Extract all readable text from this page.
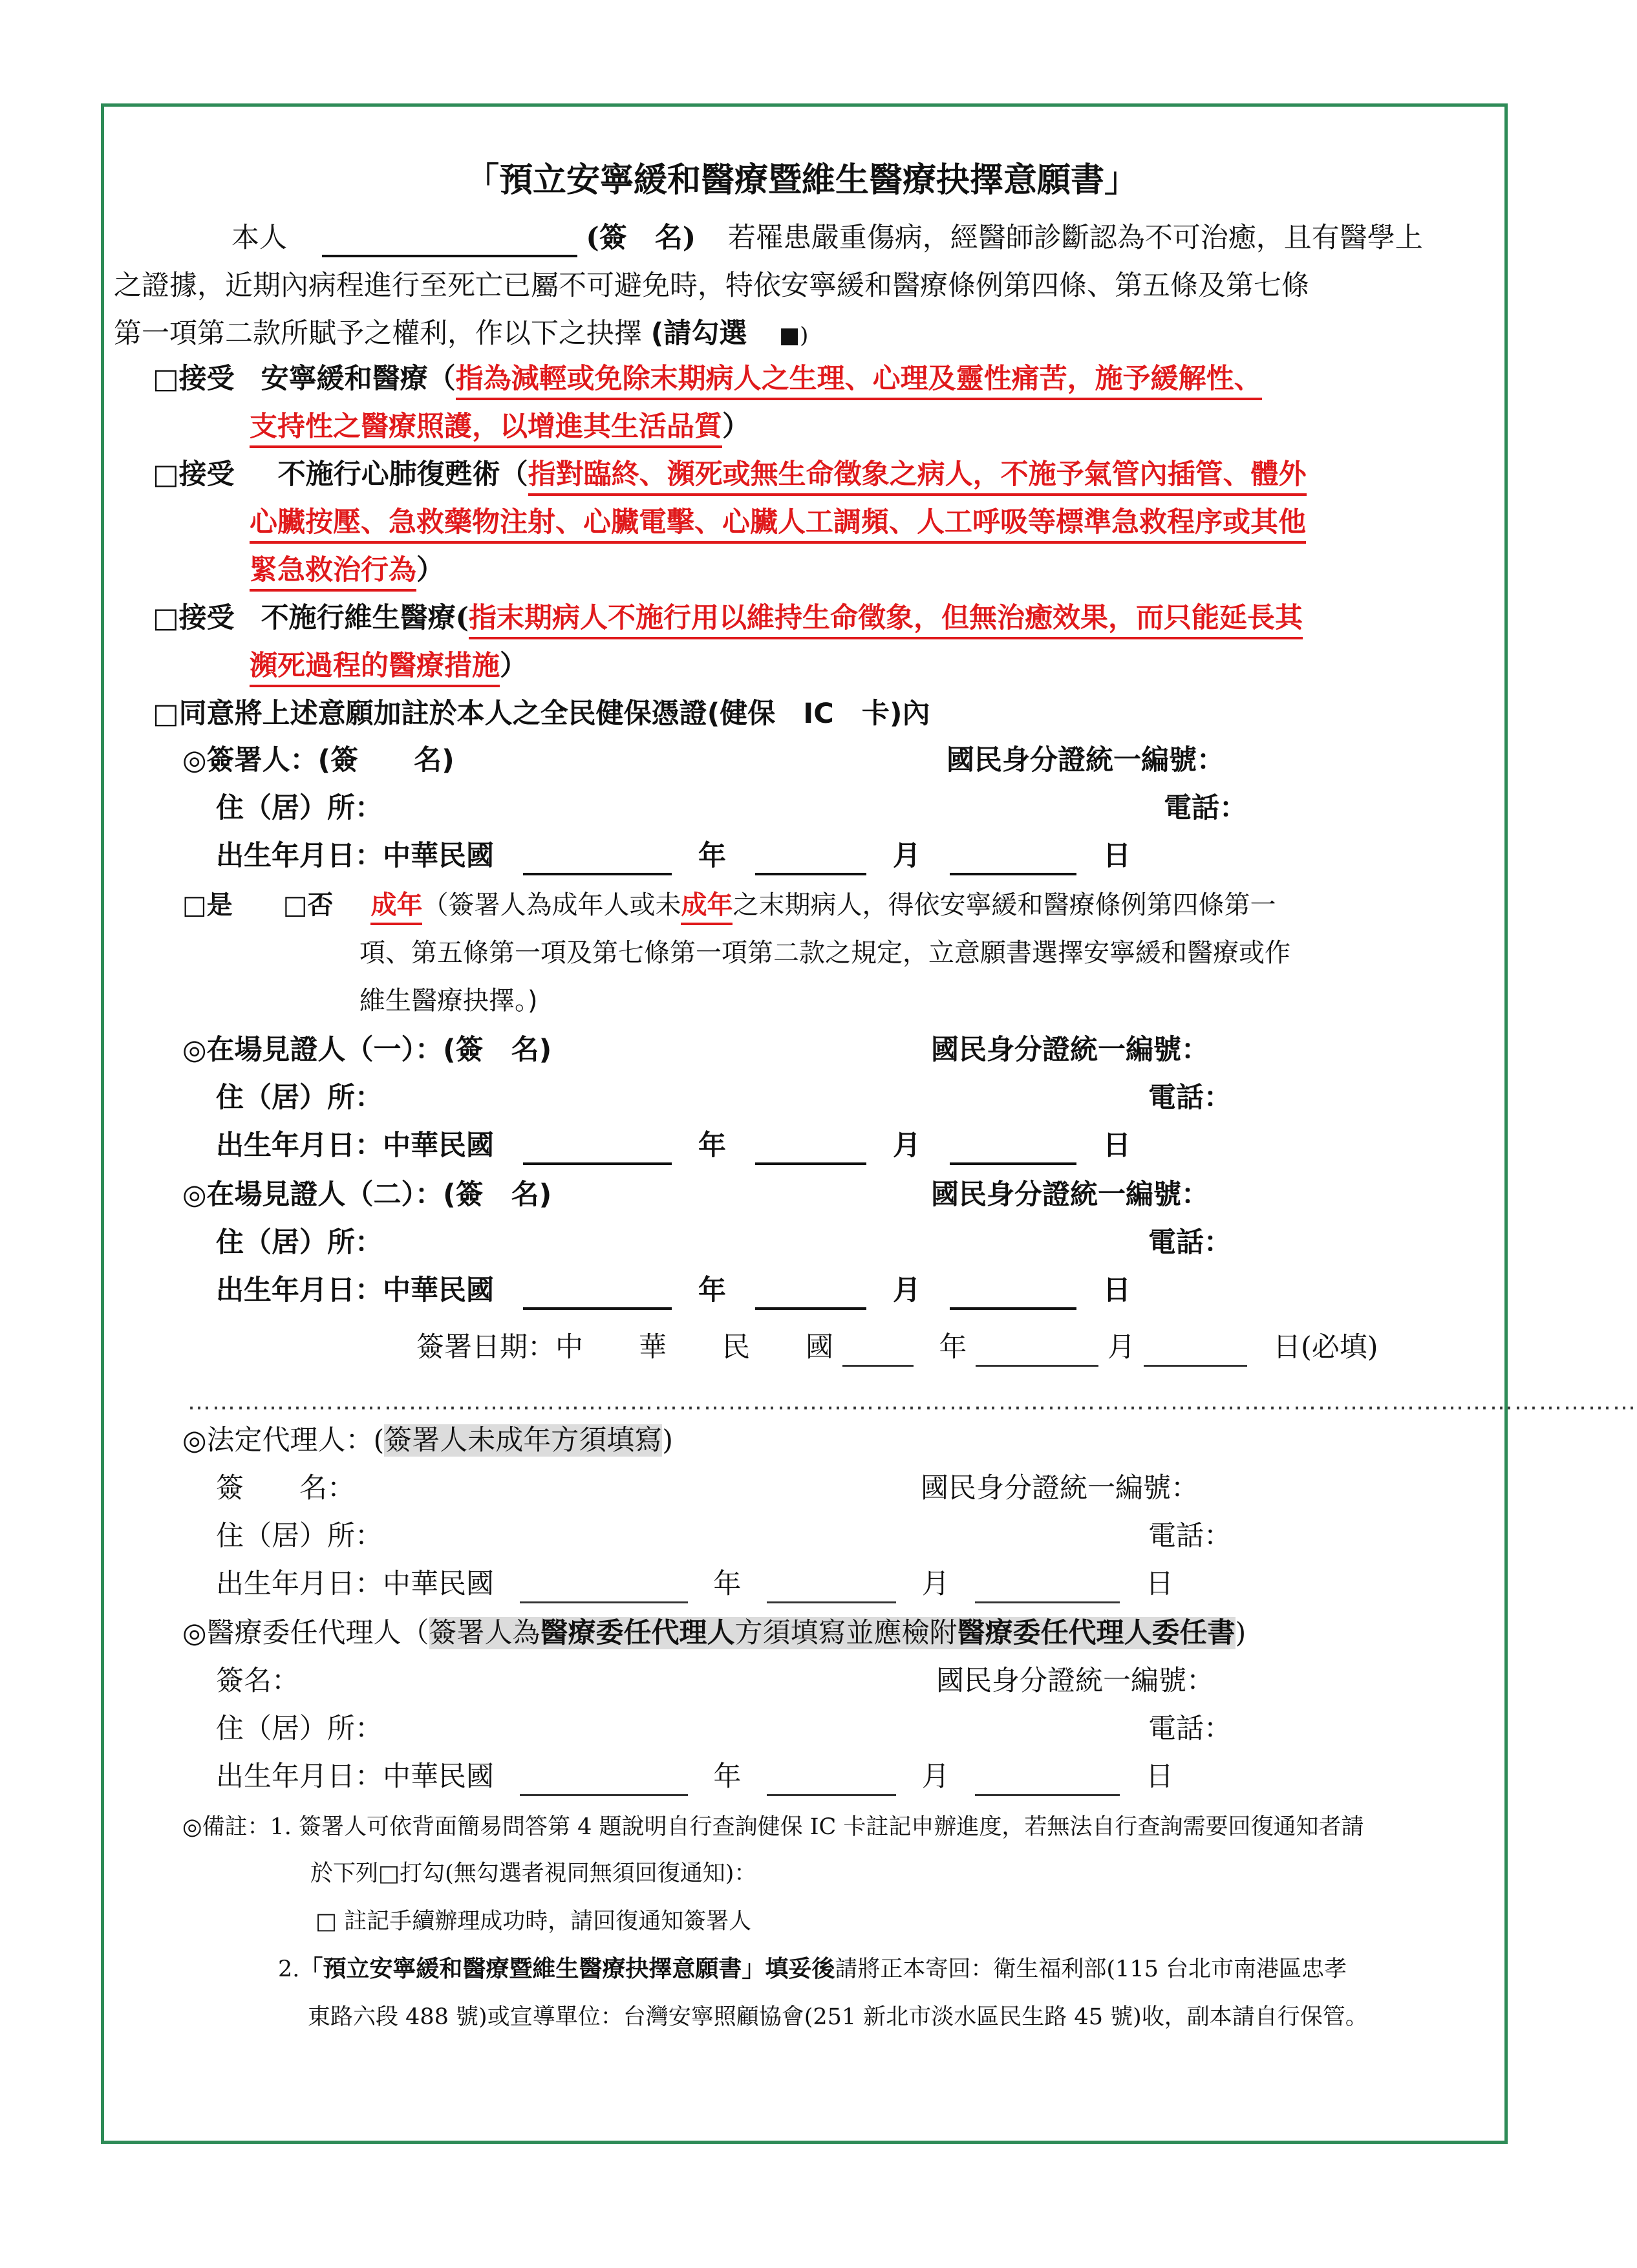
「預立安寧緩和醫療暨維生醫療抉擇意願書」
本人	(簽　名) 若罹患嚴重傷病，經醫師診斷認為不可治癒，且有醫學上
之證據，近期內病程進行至死亡已屬不可避免時，特依安寧緩和醫療條例第四條、第五條及第七條
第一項第二款所賦予之權利，作以下之抉擇 (請勾選 ■)
□接受 安寧緩和醫療（指為減輕或免除末期病人之生理、心理及靈性痛苦，施予緩解性、
支持性之醫療照護，以增進其生活品質）
□接受 不施行心肺復甦術（指對臨終、瀕死或無生命徵象之病人，不施予氣管內插管、體外
心臟按壓、急救藥物注射、心臟電擊、心臟人工調頻、人工呼吸等標準急救程序或其他
緊急救治行為）
□接受 不施行維生醫療(指末期病人不施行用以維持生命徵象，但無治癒效果，而只能延長其
瀕死過程的醫療措施）
□同意將上述意願加註於本人之全民健保憑證(健保　IC　卡)內
◎簽署人：(簽　　名)	國民身分證統一編號：
住（居）所：	電話：
出生年月日：中華民國	年	月	日
□是 □否 成年（簽署人為成年人或未成年之末期病人，得依安寧緩和醫療條例第四條第一
項、第五條第一項及第七條第一項第二款之規定，立意願書選擇安寧緩和醫療或作
維生醫療抉擇。)
◎在場見證人（一）：(簽　名)	國民身分證統一編號：
住（居）所：	電話：
出生年月日：中華民國	年	月	日
◎在場見證人（二）：(簽　名)	國民身分證統一編號：
住（居）所：	電話：
出生年月日：中華民國	年	月	日
簽署日期：中　　華　　民　　國	年	月	日(必填)
……………………………………………………………………………………………………………………………………………………………
◎法定代理人：(簽署人未成年方須填寫)
簽　　名：	國民身分證統一編號：
住（居）所：	電話：
出生年月日：中華民國	年	月	日
◎醫療委任代理人（簽署人為醫療委任代理人方須填寫並應檢附醫療委任代理人委任書)
簽名：	國民身分證統一編號：
住（居）所：	電話：
出生年月日：中華民國	年	月	日
◎備註：1. 簽署人可依背面簡易問答第 4 題說明自行查詢健保 IC 卡註記申辦進度，若無法自行查詢需要回復通知者請
於下列□打勾(無勾選者視同無須回復通知)：
□ 註記手續辦理成功時，請回復通知簽署人
2.「預立安寧緩和醫療暨維生醫療抉擇意願書」填妥後請將正本寄回：衛生福利部(115 台北市南港區忠孝
東路六段 488 號)或宣導單位：台灣安寧照顧協會(251 新北市淡水區民生路 45 號)收，副本請自行保管。
